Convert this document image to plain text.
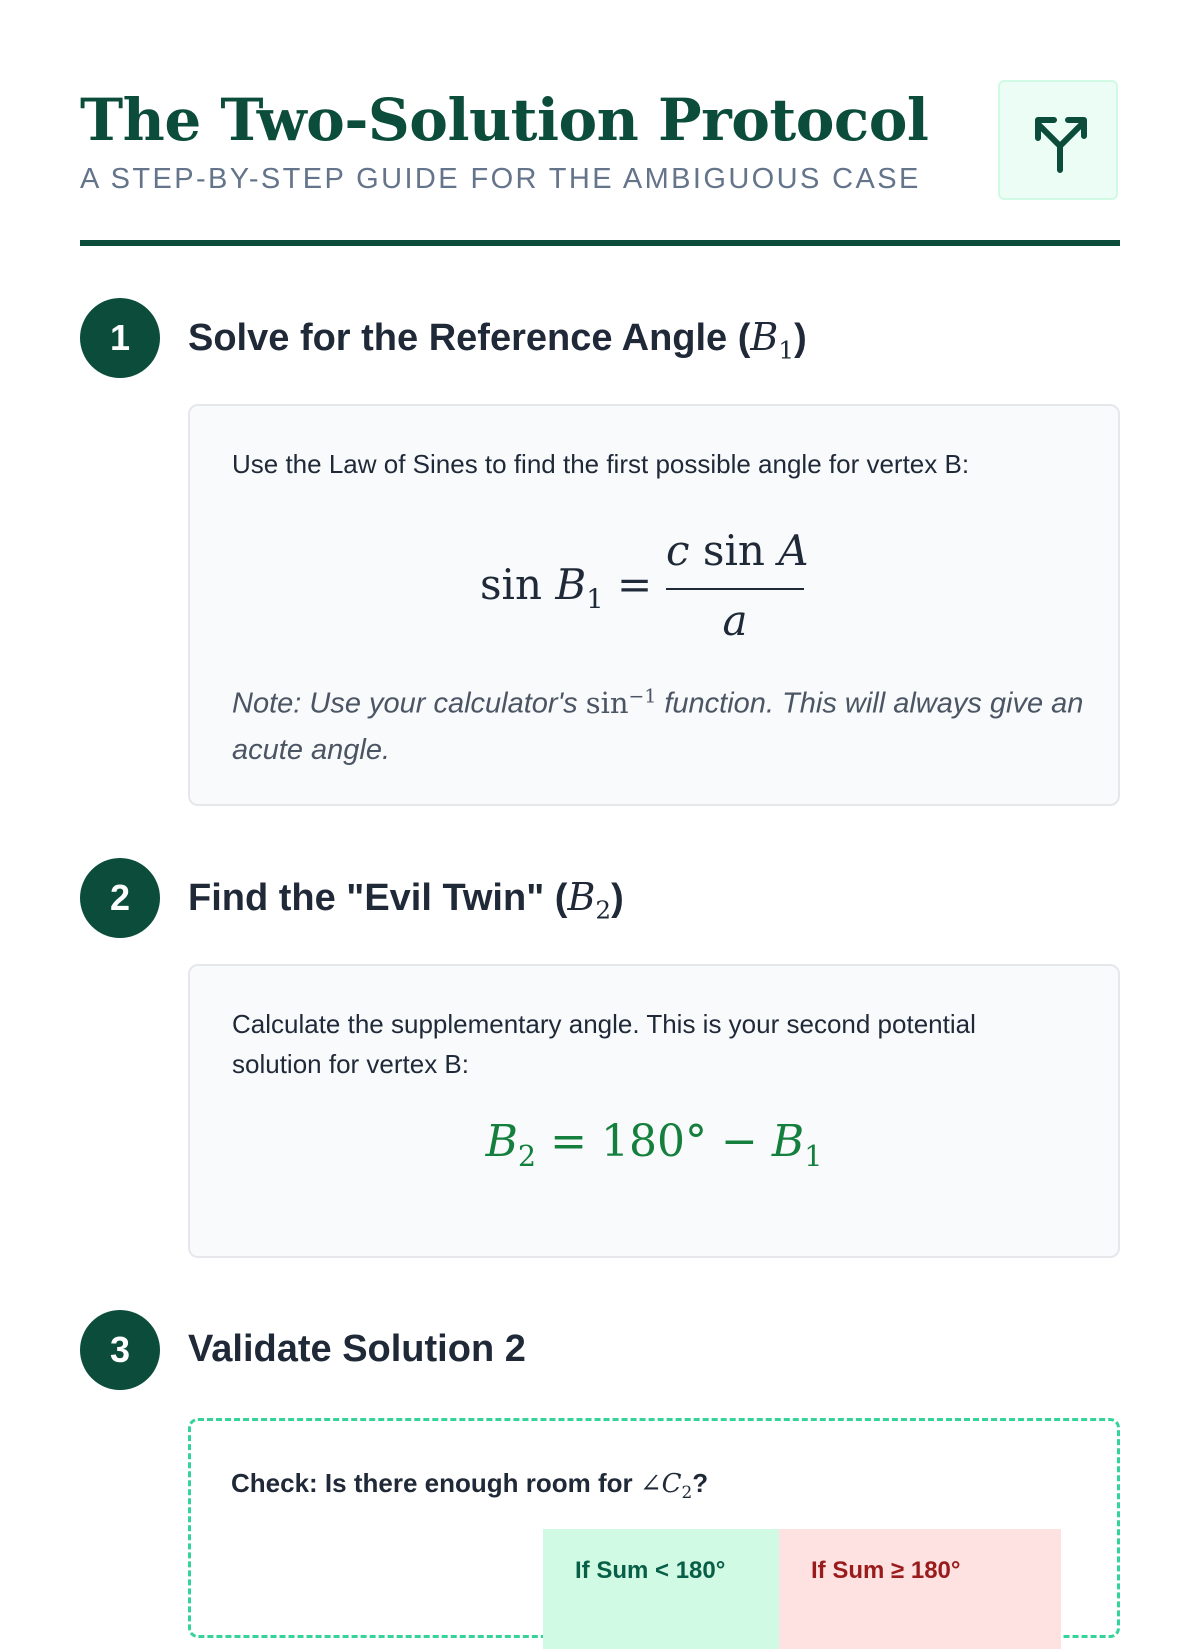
The Two-Solution Protocol

A STEP-BY-STEP GUIDE FOR THE AMBIGUOUS CASE

1	Solve for the Reference Angle $(B_1)$

Use the Law of Sines to find the first possible angle for vertex B:

$\sin B_1$ =
c sin A
a

Note: Use your calculator's $\sin^{-1}$ function. This will always give an acute angle.

2	Find the "Evil Twin" $(B_2)$

Calculate the supplementary angle. This is your second potential
solution for vertex B:

$B_2 = 180^\circ - B_1$
3	Validate Solution 2

Check: Is there enough room for $\angle C_2$?

If Sum < 180°	If Sum ≥ 180°
